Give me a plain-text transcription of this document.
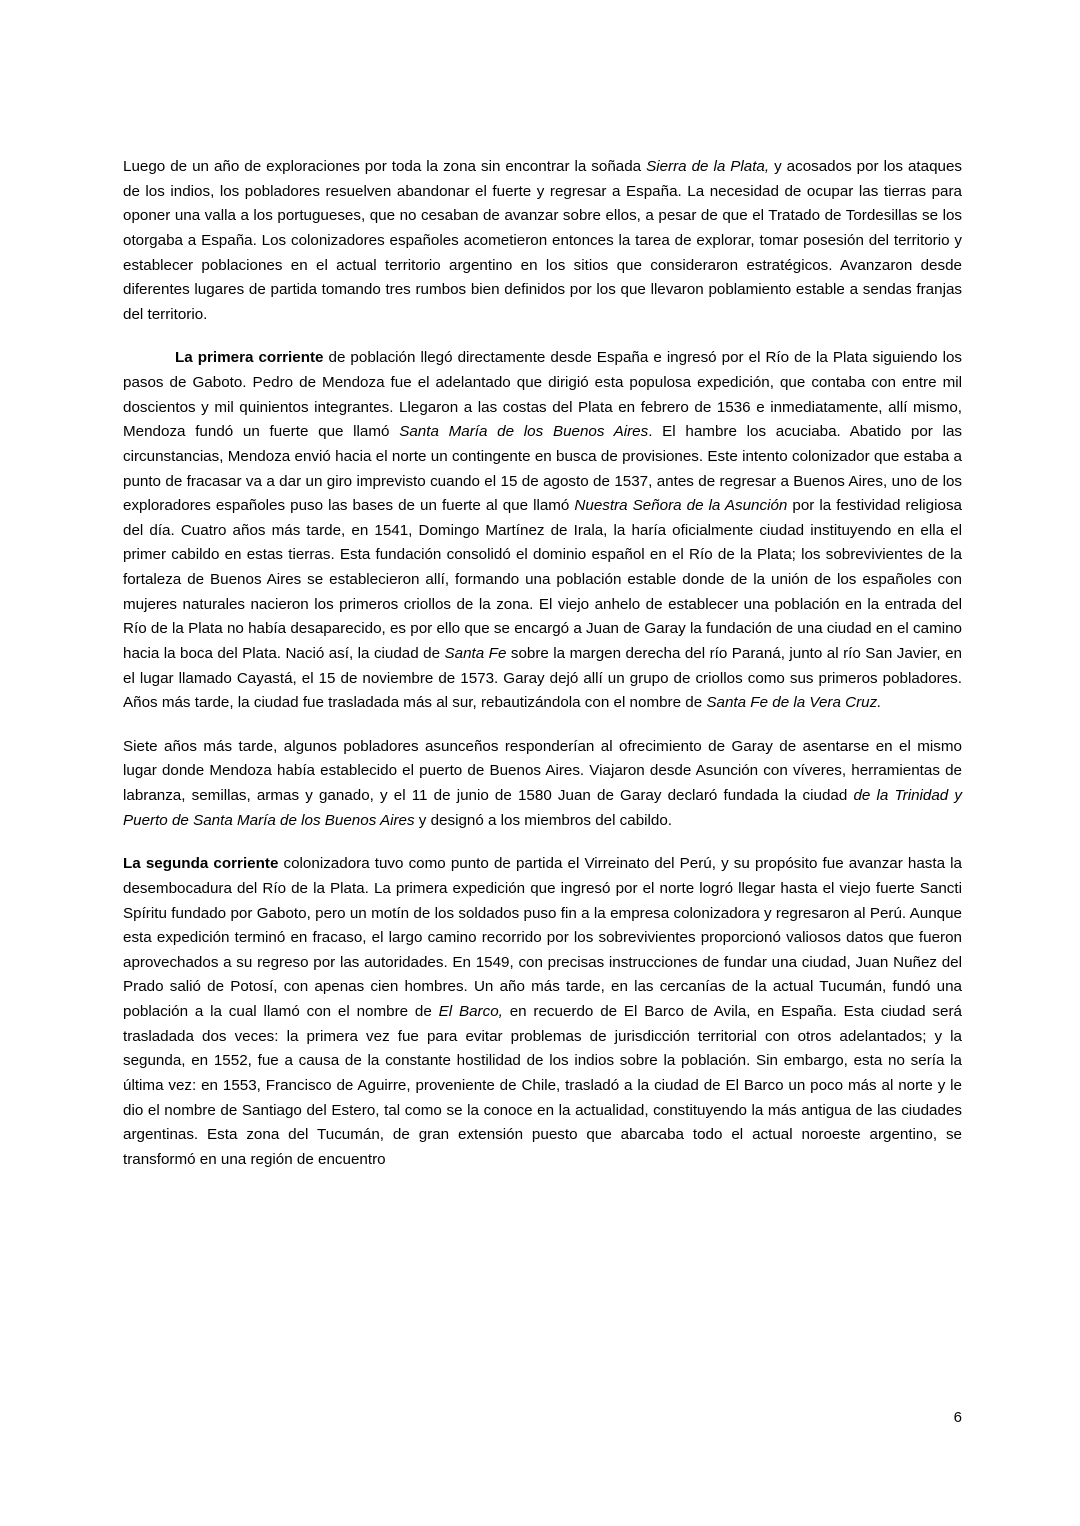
Luego de un año de exploraciones por toda la zona sin encontrar la soñada Sierra de la Plata, y acosados por los ataques de los indios, los pobladores resuelven abandonar el fuerte y regresar a España. La necesidad de ocupar las tierras para oponer una valla a los portugueses, que no cesaban de avanzar sobre ellos, a pesar de que el Tratado de Tordesillas se los otorgaba a España. Los colonizadores españoles acometieron entonces la tarea de explorar, tomar posesión del territorio y establecer poblaciones en el actual territorio argentino en los sitios que consideraron estratégicos. Avanzaron desde diferentes lugares de partida tomando tres rumbos bien definidos por los que llevaron poblamiento estable a sendas franjas del territorio.

La primera corriente de población llegó directamente desde España e ingresó por el Río de la Plata siguiendo los pasos de Gaboto. Pedro de Mendoza fue el adelantado que dirigió esta populosa expedición, que contaba con entre mil doscientos y mil quinientos integrantes. Llegaron a las costas del Plata en febrero de 1536 e inmediatamente, allí mismo, Mendoza fundó un fuerte que llamó Santa María de los Buenos Aires. El hambre los acuciaba. Abatido por las circunstancias, Mendoza envió hacia el norte un contingente en busca de provisiones. Este intento colonizador que estaba a punto de fracasar va a dar un giro imprevisto cuando el 15 de agosto de 1537, antes de regresar a Buenos Aires, uno de los exploradores españoles puso las bases de un fuerte al que llamó Nuestra Señora de la Asunción por la festividad religiosa del día. Cuatro años más tarde, en 1541, Domingo Martínez de Irala, la haría oficialmente ciudad instituyendo en ella el primer cabildo en estas tierras. Esta fundación consolidó el dominio español en el Río de la Plata; los sobrevivientes de la fortaleza de Buenos Aires se establecieron allí, formando una población estable donde de la unión de los españoles con mujeres naturales nacieron los primeros criollos de la zona. El viejo anhelo de establecer una población en la entrada del Río de la Plata no había desaparecido, es por ello que se encargó a Juan de Garay la fundación de una ciudad en el camino hacia la boca del Plata. Nació así, la ciudad de Santa Fe sobre la margen derecha del río Paraná, junto al río San Javier, en el lugar llamado Cayastá, el 15 de noviembre de 1573. Garay dejó allí un grupo de criollos como sus primeros pobladores. Años más tarde, la ciudad fue trasladada más al sur, rebautizándola con el nombre de Santa Fe de la Vera Cruz.

Siete años más tarde, algunos pobladores asunceños responderían al ofrecimiento de Garay de asentarse en el mismo lugar donde Mendoza había establecido el puerto de Buenos Aires. Viajaron desde Asunción con víveres, herramientas de labranza, semillas, armas y ganado, y el 11 de junio de 1580 Juan de Garay declaró fundada la ciudad de la Trinidad y Puerto de Santa María de los Buenos Aires y designó a los miembros del cabildo.

La segunda corriente colonizadora tuvo como punto de partida el Virreinato del Perú, y su propósito fue avanzar hasta la desembocadura del Río de la Plata. La primera expedición que ingresó por el norte logró llegar hasta el viejo fuerte Sancti Spíritu fundado por Gaboto, pero un motín de los soldados puso fin a la empresa colonizadora y regresaron al Perú. Aunque esta expedición terminó en fracaso, el largo camino recorrido por los sobrevivientes proporcionó valiosos datos que fueron aprovechados a su regreso por las autoridades. En 1549, con precisas instrucciones de fundar una ciudad, Juan Nuñez del Prado salió de Potosí, con apenas cien hombres. Un año más tarde, en las cercanías de la actual Tucumán, fundó una población a la cual llamó con el nombre de El Barco, en recuerdo de El Barco de Avila, en España. Esta ciudad será trasladada dos veces: la primera vez fue para evitar problemas de jurisdicción territorial con otros adelantados; y la segunda, en 1552, fue a causa de la constante hostilidad de los indios sobre la población. Sin embargo, esta no sería la última vez: en 1553, Francisco de Aguirre, proveniente de Chile, trasladó a la ciudad de El Barco un poco más al norte y le dio el nombre de Santiago del Estero, tal como se la conoce en la actualidad, constituyendo la más antigua de las ciudades argentinas. Esta zona del Tucumán, de gran extensión puesto que abarcaba todo el actual noroeste argentino, se transformó en una región de encuentro

6
